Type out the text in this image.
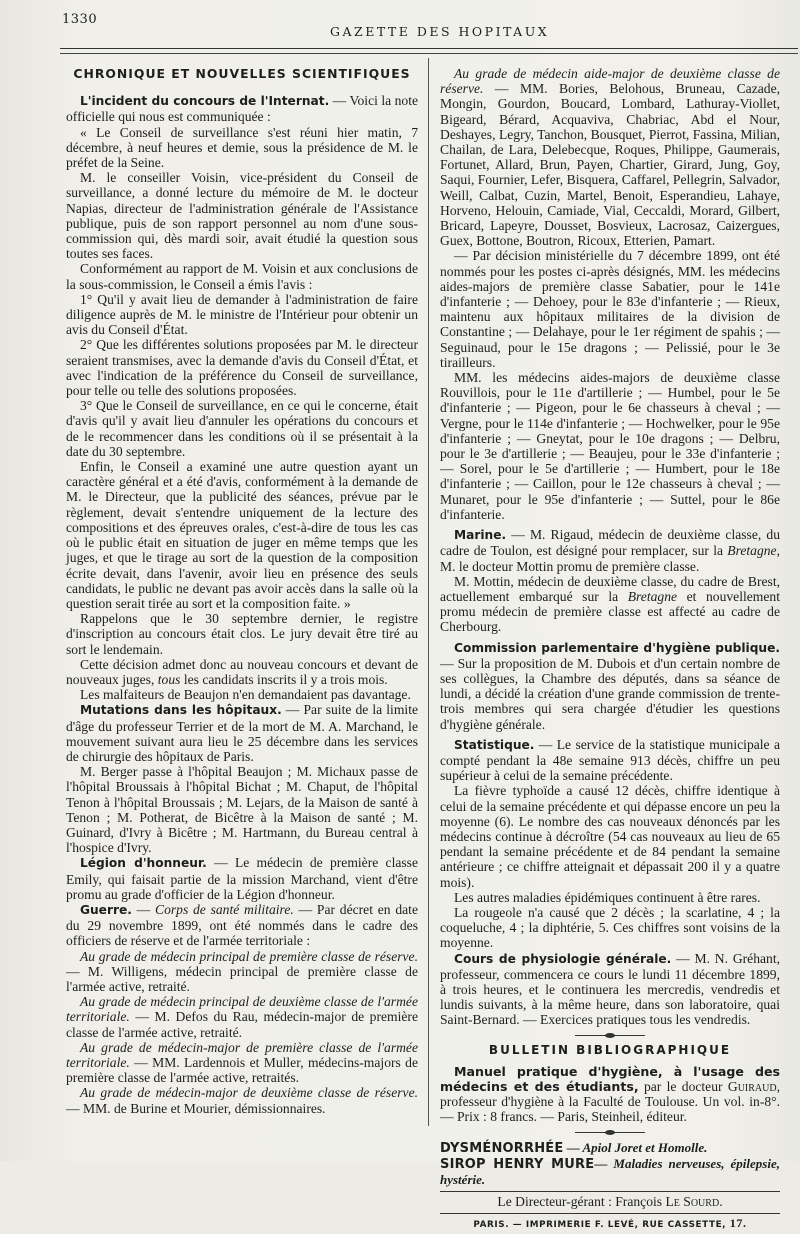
1330
GAZETTE DES HOPITAUX

CHRONIQUE ET NOUVELLES SCIENTIFIQUES

L'incident du concours de l'Internat. — Voici la note officielle qui nous est communiquée :

« Le Conseil de surveillance s'est réuni hier matin, 7 décembre, à neuf heures et demie, sous la présidence de M. le préfet de la Seine.

M. le conseiller Voisin, vice-président du Conseil de surveillance, a donné lecture du mémoire de M. le docteur Napias, directeur de l'administration générale de l'Assistance publique, puis de son rapport personnel au nom d'une sous-commission qui, dès mardi soir, avait étudié la question sous toutes ses faces.

Conformément au rapport de M. Voisin et aux conclusions de la sous-commission, le Conseil a émis l'avis :

1° Qu'il y avait lieu de demander à l'administration de faire diligence auprès de M. le ministre de l'Intérieur pour obtenir un avis du Conseil d'État.

2° Que les différentes solutions proposées par M. le directeur seraient transmises, avec la demande d'avis du Conseil d'État, et avec l'indication de la préférence du Conseil de surveillance, pour telle ou telle des solutions proposées.

3° Que le Conseil de surveillance, en ce qui le concerne, était d'avis qu'il y avait lieu d'annuler les opérations du concours et de le recommencer dans les conditions où il se présentait à la date du 30 septembre.

Enfin, le Conseil a examiné une autre question ayant un caractère général et a été d'avis, conformément à la demande de M. le Directeur, que la publicité des séances, prévue par le règlement, devait s'entendre uniquement de la lecture des compositions et des épreuves orales, c'est-à-dire de tous les cas où le public était en situation de juger en même temps que les juges, et que le tirage au sort de la question de la composition écrite devait, dans l'avenir, avoir lieu en présence des seuls candidats, le public ne devant pas avoir accès dans la salle où la question serait tirée au sort et la composition faite. »

Rappelons que le 30 septembre dernier, le registre d'inscription au concours était clos. Le jury devait être tiré au sort le lendemain.

Cette décision admet donc au nouveau concours et devant de nouveaux juges, tous les candidats inscrits il y a trois mois.

Les malfaiteurs de Beaujon n'en demandaient pas davantage.

Mutations dans les hôpitaux. — Par suite de la limite d'âge du professeur Terrier et de la mort de M. A. Marchand, le mouvement suivant aura lieu le 25 décembre dans les services de chirurgie des hôpitaux de Paris.

M. Berger passe à l'hôpital Beaujon ; M. Michaux passe de l'hôpital Broussais à l'hôpital Bichat ; M. Chaput, de l'hôpital Tenon à l'hôpital Broussais ; M. Lejars, de la Maison de santé à Tenon ; M. Potherat, de Bicêtre à la Maison de santé ; M. Guinard, d'Ivry à Bicêtre ; M. Hartmann, du Bureau central à l'hospice d'Ivry.

Légion d'honneur. — Le médecin de première classe Emily, qui faisait partie de la mission Marchand, vient d'être promu au grade d'officier de la Légion d'honneur.

Guerre. — Corps de santé militaire. — Par décret en date du 29 novembre 1899, ont été nommés dans le cadre des officiers de réserve et de l'armée territoriale :

Au grade de médecin principal de première classe de réserve. — M. Willigens, médecin principal de première classe de l'armée active, retraité.

Au grade de médecin principal de deuxième classe de l'armée territoriale. — M. Defos du Rau, médecin-major de première classe de l'armée active, retraité.

Au grade de médecin-major de première classe de l'armée territoriale. — MM. Lardennois et Muller, médecins-majors de première classe de l'armée active, retraités.

Au grade de médecin-major de deuxième classe de réserve. — MM. de Burine et Mourier, démissionnaires.

Au grade de médecin aide-major de deuxième classe de réserve. — MM. Bories, Belohous, Bruneau, Cazade, Mongin, Gourdon, Boucard, Lombard, Lathuray-Viollet, Bigeard, Bérard, Acquaviva, Chabriac, Abd el Nour, Deshayes, Legry, Tanchon, Bousquet, Pierrot, Fassina, Milian, Chailan, de Lara, Delebecque, Roques, Philippe, Gaumerais, Fortunet, Allard, Brun, Payen, Chartier, Girard, Jung, Goy, Saqui, Fournier, Lefer, Bisquera, Caffarel, Pellegrin, Salvador, Weill, Calbat, Cuzin, Martel, Benoit, Esperandieu, Lahaye, Horveno, Helouin, Camiade, Vial, Ceccaldi, Morard, Gilbert, Bricard, Lapeyre, Dousset, Bosvieux, Lacrosaz, Caizergues, Guex, Bottone, Boutron, Ricoux, Etterien, Pamart.

— Par décision ministérielle du 7 décembre 1899, ont été nommés pour les postes ci-après désignés, MM. les médecins aides-majors de première classe Sabatier, pour le 141e d'infanterie ; — Dehoey, pour le 83e d'infanterie ; — Rieux, maintenu aux hôpitaux militaires de la division de Constantine ; — Delahaye, pour le 1er régiment de spahis ; — Seguinaud, pour le 15e dragons ; — Pelissié, pour le 3e tirailleurs.

MM. les médecins aides-majors de deuxième classe Rouvillois, pour le 11e d'artillerie ; — Humbel, pour le 5e d'infanterie ; — Pigeon, pour le 6e chasseurs à cheval ; — Vergne, pour le 114e d'infanterie ; — Hochwelker, pour le 95e d'infanterie ; — Gneytat, pour le 10e dragons ; — Delbru, pour le 3e d'artillerie ; — Beaujeu, pour le 33e d'infanterie ; — Sorel, pour le 5e d'artillerie ; — Humbert, pour le 18e d'infanterie ; — Caillon, pour le 12e chasseurs à cheval ; — Munaret, pour le 95e d'infanterie ; — Suttel, pour le 86e d'infanterie.

Marine. — M. Rigaud, médecin de deuxième classe, du cadre de Toulon, est désigné pour remplacer, sur la Bretagne, M. le docteur Mottin promu de première classe.

M. Mottin, médecin de deuxième classe, du cadre de Brest, actuellement embarqué sur la Bretagne et nouvellement promu médecin de première classe est affecté au cadre de Cherbourg.

Commission parlementaire d'hygiène publique. — Sur la proposition de M. Dubois et d'un certain nombre de ses collègues, la Chambre des députés, dans sa séance de lundi, a décidé la création d'une grande commission de trente-trois membres qui sera chargée d'étudier les questions d'hygiène générale.

Statistique. — Le service de la statistique municipale a compté pendant la 48e semaine 913 décès, chiffre un peu supérieur à celui de la semaine précédente.

La fièvre typhoïde a causé 12 décès, chiffre identique à celui de la semaine précédente et qui dépasse encore un peu la moyenne (6). Le nombre des cas nouveaux dénoncés par les médecins continue à décroître (54 cas nouveaux au lieu de 65 pendant la semaine précédente et de 84 pendant la semaine antérieure ; ce chiffre atteignait et dépassait 200 il y a quatre mois).

Les autres maladies épidémiques continuent à être rares.

La rougeole n'a causé que 2 décès ; la scarlatine, 4 ; la coqueluche, 4 ; la diphtérie, 5. Ces chiffres sont voisins de la moyenne.

Cours de physiologie générale. — M. N. Gréhant, professeur, commencera ce cours le lundi 11 décembre 1899, à trois heures, et le continuera les mercredis, vendredis et lundis suivants, à la même heure, dans son laboratoire, quai Saint-Bernard. — Exercices pratiques tous les vendredis.

BULLETIN BIBLIOGRAPHIQUE

Manuel pratique d'hygiène, à l'usage des médecins et des étudiants, par le docteur Guiraud, professeur d'hygiène à la Faculté de Toulouse. Un vol. in-8°. — Prix : 8 francs. — Paris, Steinheil, éditeur.

DYSMÉNORRHÉE — Apiol Joret et Homolle.

SIROP HENRY MURE— Maladies nerveuses, épilepsie, hystérie.

Le Directeur-gérant : François Le Sourd.

PARIS. — IMPRIMERIE F. LEVÉ, RUE CASSETTE, 17.
